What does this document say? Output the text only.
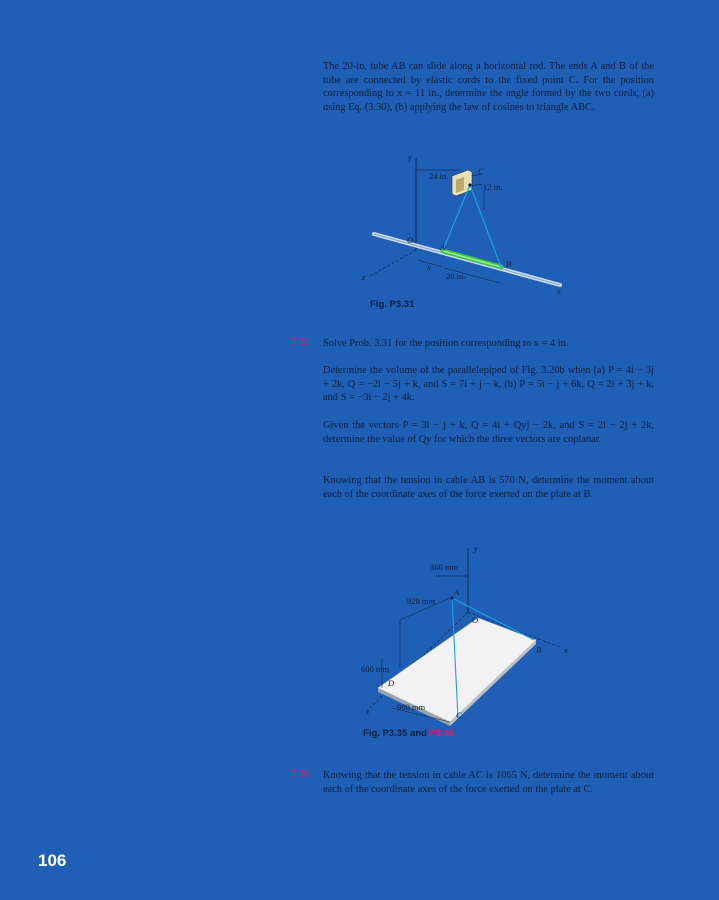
The 20-in. tube AB can slide along a horizontal rod. The ends A and B of the tube are connected by elastic cords to the fixed point C. For the position corresponding to x = 11 in., determine the angle formed by the two cords, (a) using Eq. (3.30), (b) applying the law of cosines to triangle ABC.

y
24 in.	C
12 in.
O
A
B
x
20 in.
z
x
Fig. P3.31
3.32 Solve Prob. 3.31 for the position corresponding to x = 4 in.

Determine the volume of the parallelepiped of Fig. 3.20b when (a) P = 4i − 3j + 2k, Q = −2i − 5j + k, and S = 7i + j − k, (b) P = 5i − j + 6k, Q = 2i + 3j + k, and S = −3i − 2j + 4k.

Given the vectors P = 3i − j + k, Q = 4i + Qyj − 2k, and S = 2i − 2j + 2k, determine the value of Qy for which the three vectors are coplanar.

Knowing that the tension in cable AB is 570 N, determine the moment about each of the coordinate axes of the force exerted on the plate at B.

y
360 mm
A
920 mm
O
B	x
600 mm
D
900 mm
C
z
Fig. P3.35 and P3.36
3.36 Knowing that the tension in cable AC is 1065 N, determine the moment about each of the coordinate axes of the force exerted on the plate at C.

106
